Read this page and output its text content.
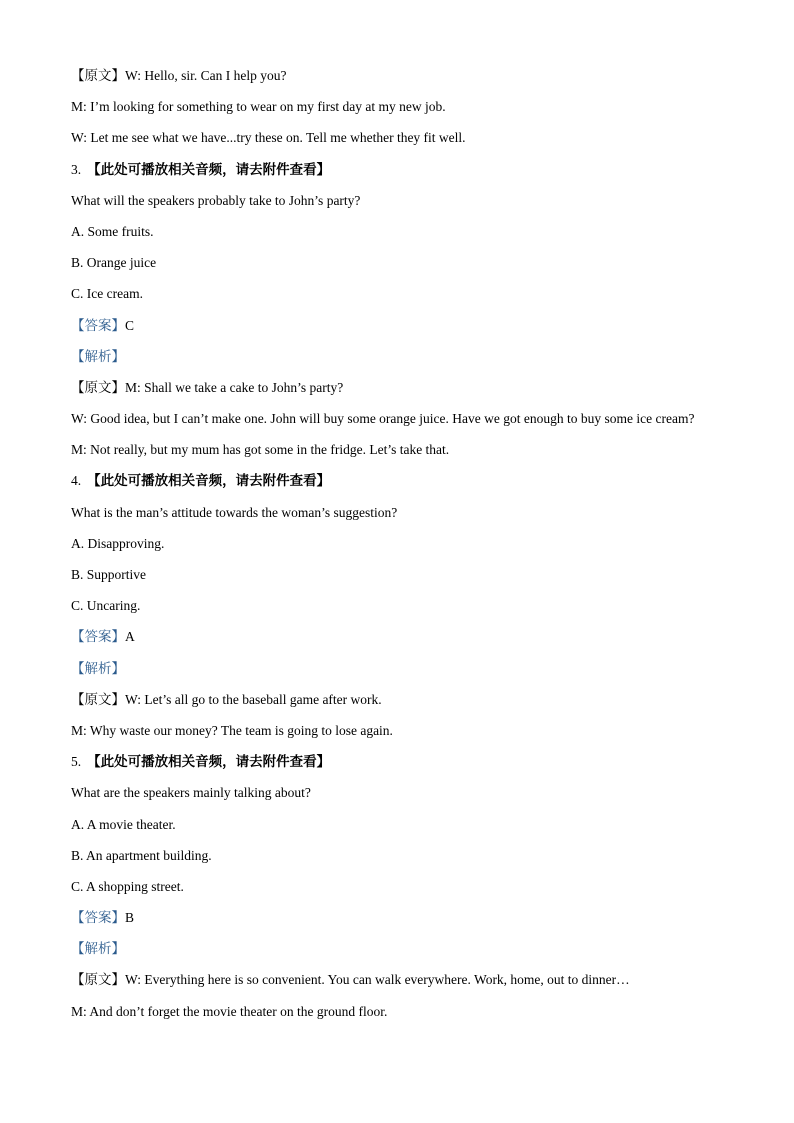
【原文】W: Hello, sir. Can I help you?
M: I’m looking for something to wear on my first day at my new job.
W: Let me see what we have...try these on. Tell me whether they fit well.
3. 【此处可播放相关音频，请去附件查看】
What will the speakers probably take to John’s party?
A. Some fruits.
B. Orange juice
C. Ice cream.
【答案】C
【解析】
【原文】M: Shall we take a cake to John’s party?
W: Good idea, but I can’t make one. John will buy some orange juice. Have we got enough to buy some ice cream?
M: Not really, but my mum has got some in the fridge. Let’s take that.
4. 【此处可播放相关音频，请去附件查看】
What is the man’s attitude towards the woman’s suggestion?
A. Disapproving.
B. Supportive
C. Uncaring.
【答案】A
【解析】
【原文】W: Let’s all go to the baseball game after work.
M: Why waste our money? The team is going to lose again.
5. 【此处可播放相关音频，请去附件查看】
What are the speakers mainly talking about?
A. A movie theater.
B. An apartment building.
C. A shopping street.
【答案】B
【解析】
【原文】W: Everything here is so convenient. You can walk everywhere. Work, home, out to dinner…
M: And don’t forget the movie theater on the ground floor.
